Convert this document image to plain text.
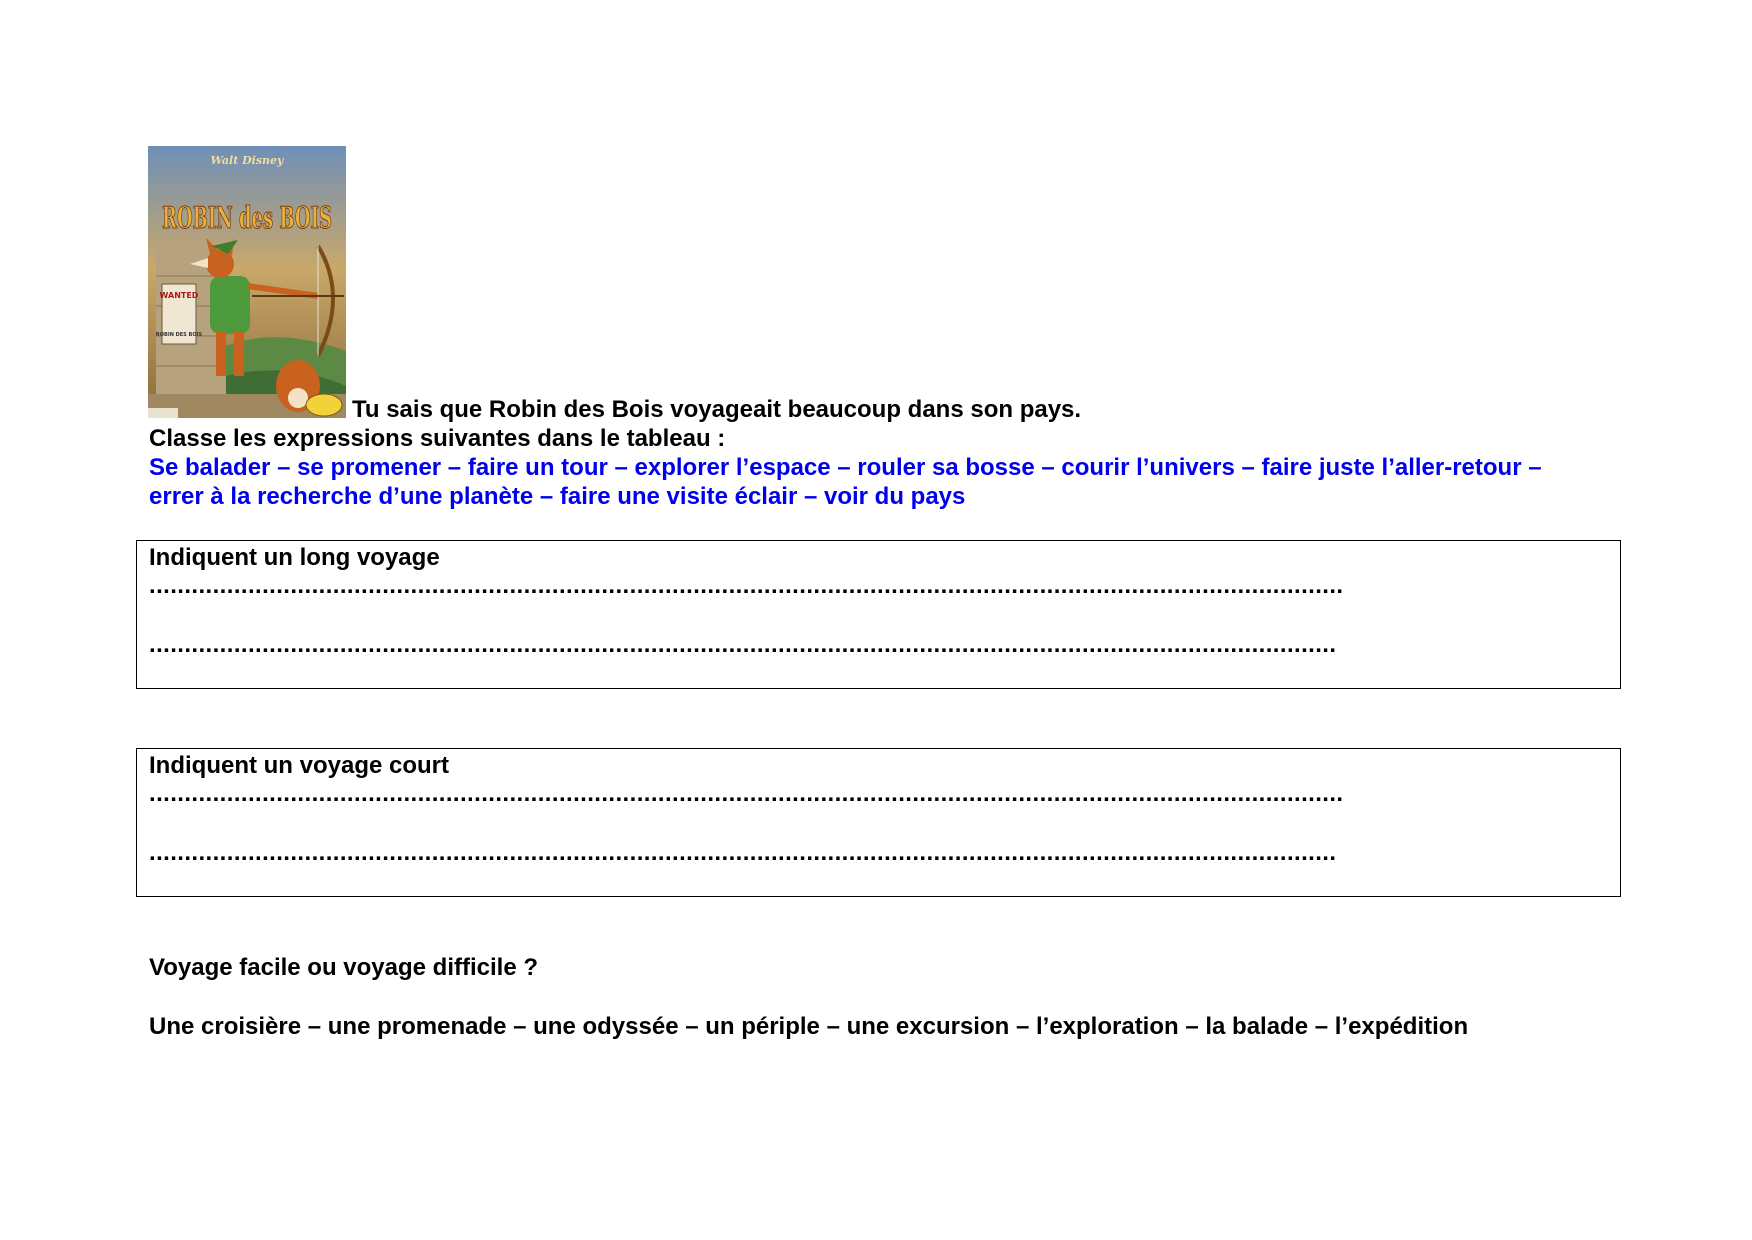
Walt Disney
ROBIN des BOIS
WANTED
ROBIN DES BOIS
Tu sais que Robin des Bois voyageait beaucoup dans son pays.
Classe les expressions suivantes dans le tableau :
Se balader – se promener – faire un tour – explorer l’espace – rouler sa bosse – courir l’univers – faire juste l’aller-retour –
errer à la recherche d’une planète – faire une visite éclair – voir du pays
Indiquent un long voyage
.........................................................................................................................................................................
........................................................................................................................................................................
Indiquent un voyage court
.........................................................................................................................................................................
........................................................................................................................................................................
Voyage facile ou voyage difficile ?
Une croisière – une promenade – une odyssée – un périple – une excursion – l’exploration – la balade – l’expédition
